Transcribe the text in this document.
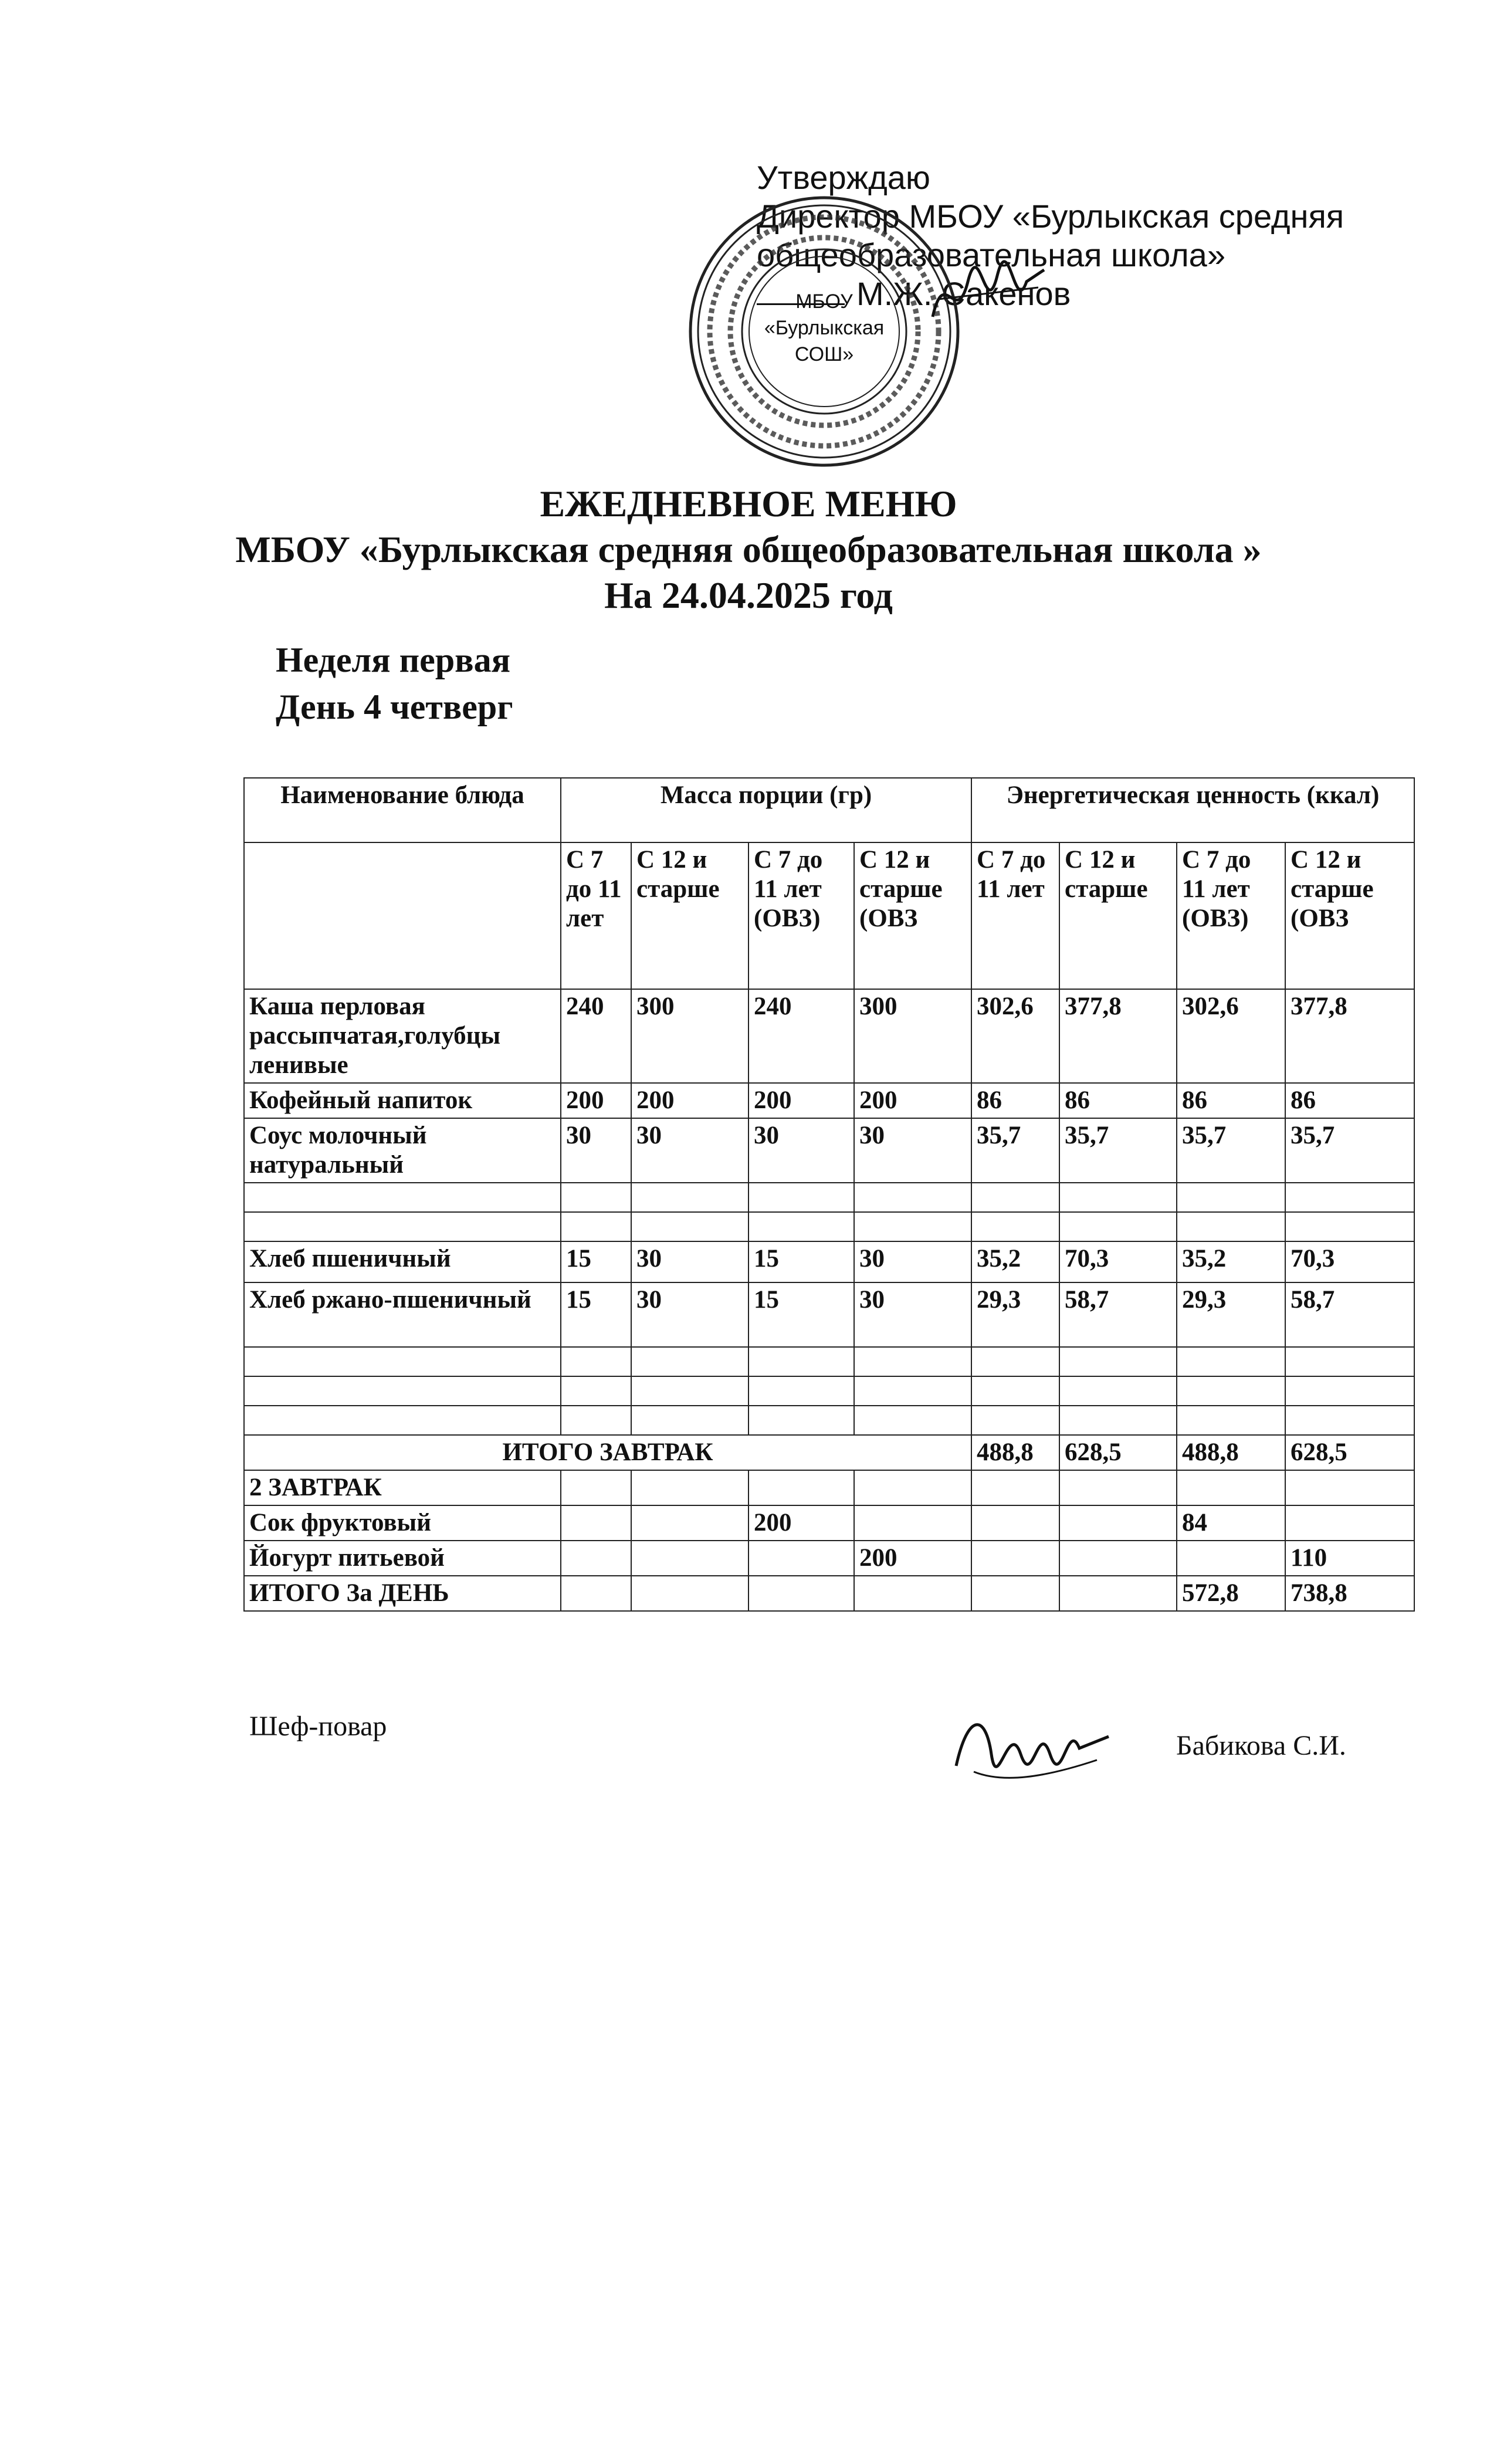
Утверждаю
Директор МБОУ «Бурлыкская средняя
общеобразовательная школа»
М.Ж. Сакенов
МБОУ
«Бурлыкская
СОШ»
ЕЖЕДНЕВНОЕ МЕНЮ
МБОУ «Бурлыкская средняя общеобразовательная школа »
На 24.04.2025 год
Неделя первая
День 4 четверг
Наименование блюда	Масса порции (гр)				Энергетическая ценность (ккал)			
	С 7 до 11 лет	С 12 и старше	С 7 до 11 лет (ОВЗ)	С 12 и старше (ОВЗ	С 7 до 11 лет	С 12 и старше	С 7 до 11 лет (ОВЗ)	С 12 и старше (ОВЗ
Каша перловая рассыпчатая,голубцы ленивые	240	300	240	300	302,6	377,8	302,6	377,8
Кофейный напиток	200	200	200	200	86	86	86	86
Соус молочный натуральный	30	30	30	30	35,7	35,7	35,7	35,7

Хлеб пшеничный	15	30	15	30	35,2	70,3	35,2	70,3
Хлеб ржано-пшеничный	15	30	15	30	29,3	58,7	29,3	58,7

ИТОГО ЗАВТРАК					488,8	628,5	488,8	628,5
2 ЗАВТРАК								
Сок фруктовый			200				84	
Йогурт питьевой				200				110
ИТОГО За ДЕНЬ							572,8	738,8
Шеф-повар
Бабикова С.И.
